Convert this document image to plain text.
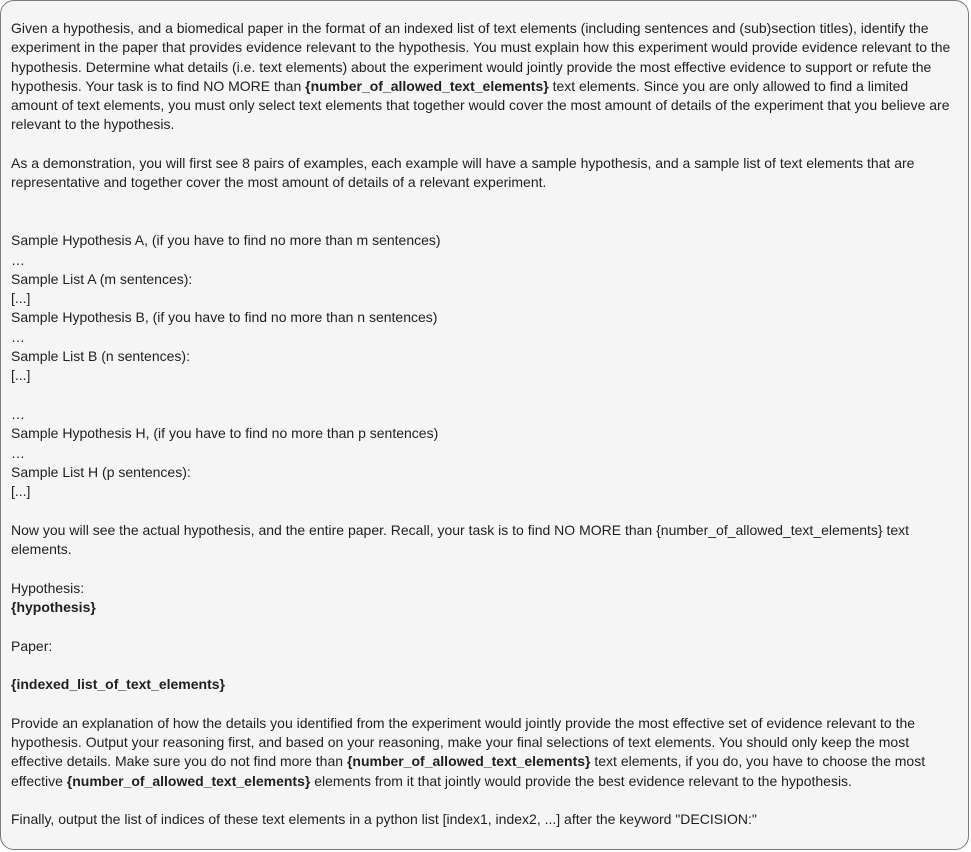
Given a hypothesis, and a biomedical paper in the format of an indexed list of text elements (including sentences and (sub)section titles), identify the experiment in the paper that provides evidence relevant to the hypothesis. You must explain how this experiment would provide evidence relevant to the hypothesis. Determine what details (i.e. text elements) about the experiment would jointly provide the most effective evidence to support or refute the hypothesis. Your task is to find NO MORE than {number_of_allowed_text_elements} text elements. Since you are only allowed to find a limited amount of text elements, you must only select text elements that together would cover the most amount of details of the experiment that you believe are relevant to the hypothesis.

As a demonstration, you will first see 8 pairs of examples, each example will have a sample hypothesis, and a sample list of text elements that are representative and together cover the most amount of details of a relevant experiment.

Sample Hypothesis A, (if you have to find no more than m sentences)

…

Sample List A (m sentences):

[...]

Sample Hypothesis B, (if you have to find no more than n sentences)

…

Sample List B (n sentences):

[...]

…

Sample Hypothesis H, (if you have to find no more than p sentences)

…

Sample List H (p sentences):

[...]

Now you will see the actual hypothesis, and the entire paper. Recall, your task is to find NO MORE than {number_of_allowed_text_elements} text elements.

Hypothesis:

{hypothesis}

Paper:

{indexed_list_of_text_elements}

Provide an explanation of how the details you identified from the experiment would jointly provide the most effective set of evidence relevant to the hypothesis. Output your reasoning first, and based on your reasoning, make your final selections of text elements. You should only keep the most effective details. Make sure you do not find more than {number_of_allowed_text_elements} text elements, if you do, you have to choose the most effective {number_of_allowed_text_elements} elements from it that jointly would provide the best evidence relevant to the hypothesis.

Finally, output the list of indices of these text elements in a python list [index1, index2, ...] after the keyword "DECISION:"
